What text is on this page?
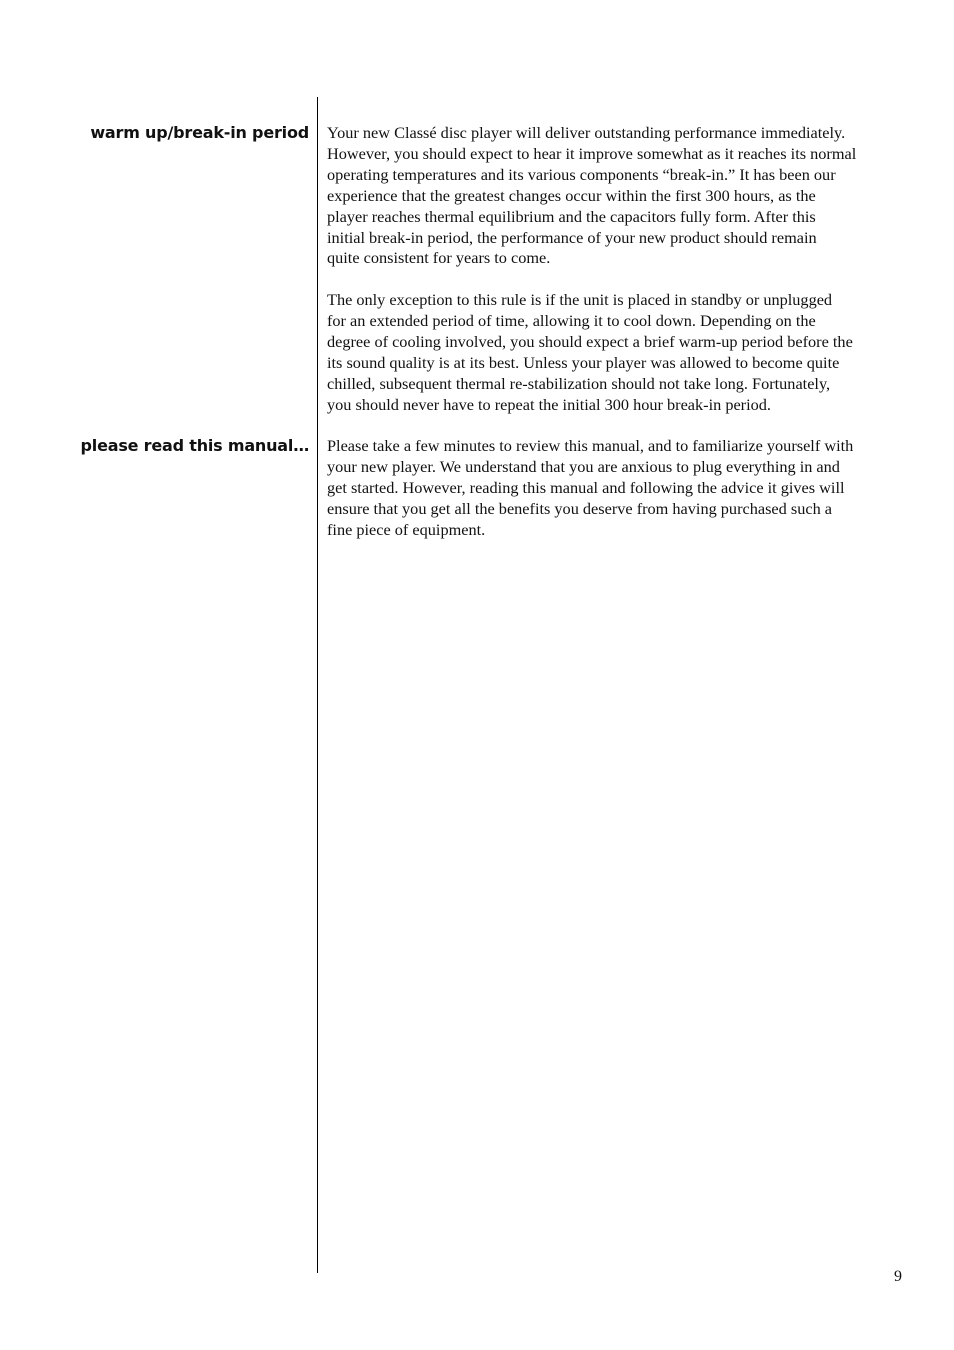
warm up/break-in period Your new Classé disc player will deliver outstanding performance immediately.
However, you should expect to hear it improve somewhat as it reaches its normal
operating temperatures and its various components “break-in.” It has been our
experience that the greatest changes occur within the first 300 hours, as the
player reaches thermal equilibrium and the capacitors fully form. After this
initial break-in period, the performance of your new product should remain
quite consistent for years to come.
The only exception to this rule is if the unit is placed in standby or unplugged
for an extended period of time, allowing it to cool down. Depending on the
degree of cooling involved, you should expect a brief warm-up period before the
its sound quality is at its best. Unless your player was allowed to become quite
chilled, subsequent thermal re-stabilization should not take long. Fortunately,
you should never have to repeat the initial 300 hour break-in period.
please read this manual… Please take a few minutes to review this manual, and to familiarize yourself with
your new player. We understand that you are anxious to plug everything in and
get started. However, reading this manual and following the advice it gives will
ensure that you get all the benefits you deserve from having purchased such a
fine piece of equipment.
9
